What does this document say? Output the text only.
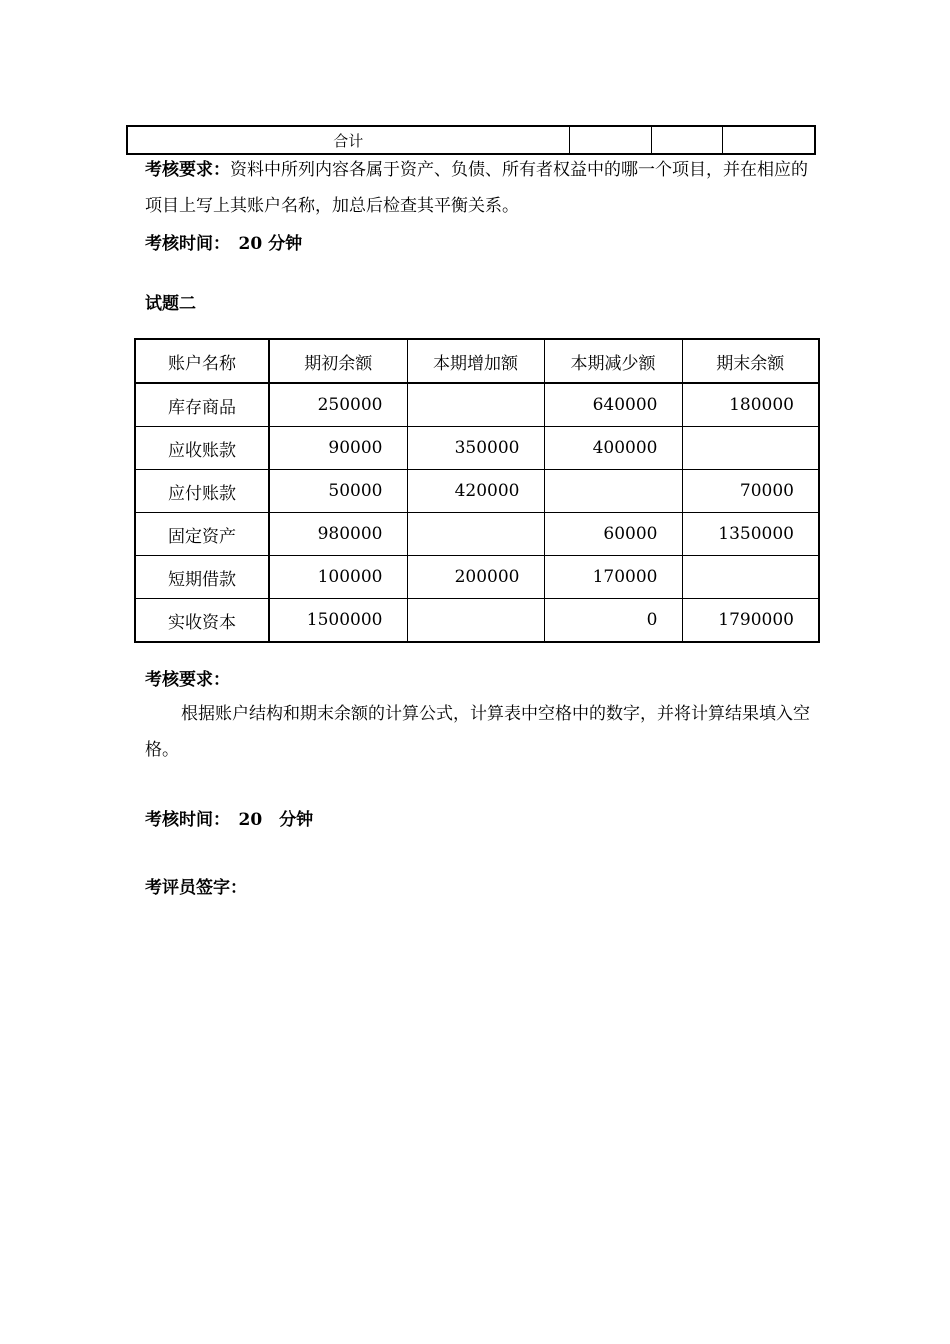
合计			
考核要求：资料中所列内容各属于资产、负债、所有者权益中的哪一个项目，并在相应的项目上写上其账户名称，加总后检查其平衡关系。
考核时间：　20 分钟
试题二
账户名称	期初余额	本期增加额	本期减少额	期末余额
库存商品	250000		640000	180000
应收账款	90000	350000	400000	
应付账款	50000	420000		70000
固定资产	980000		60000	1350000
短期借款	100000	200000	170000	
实收资本	1500000		0	1790000
考核要求：
根据账户结构和期末余额的计算公式，计算表中空格中的数字，并将计算结果填入空格。
考核时间：　20　分钟
考评员签字：
